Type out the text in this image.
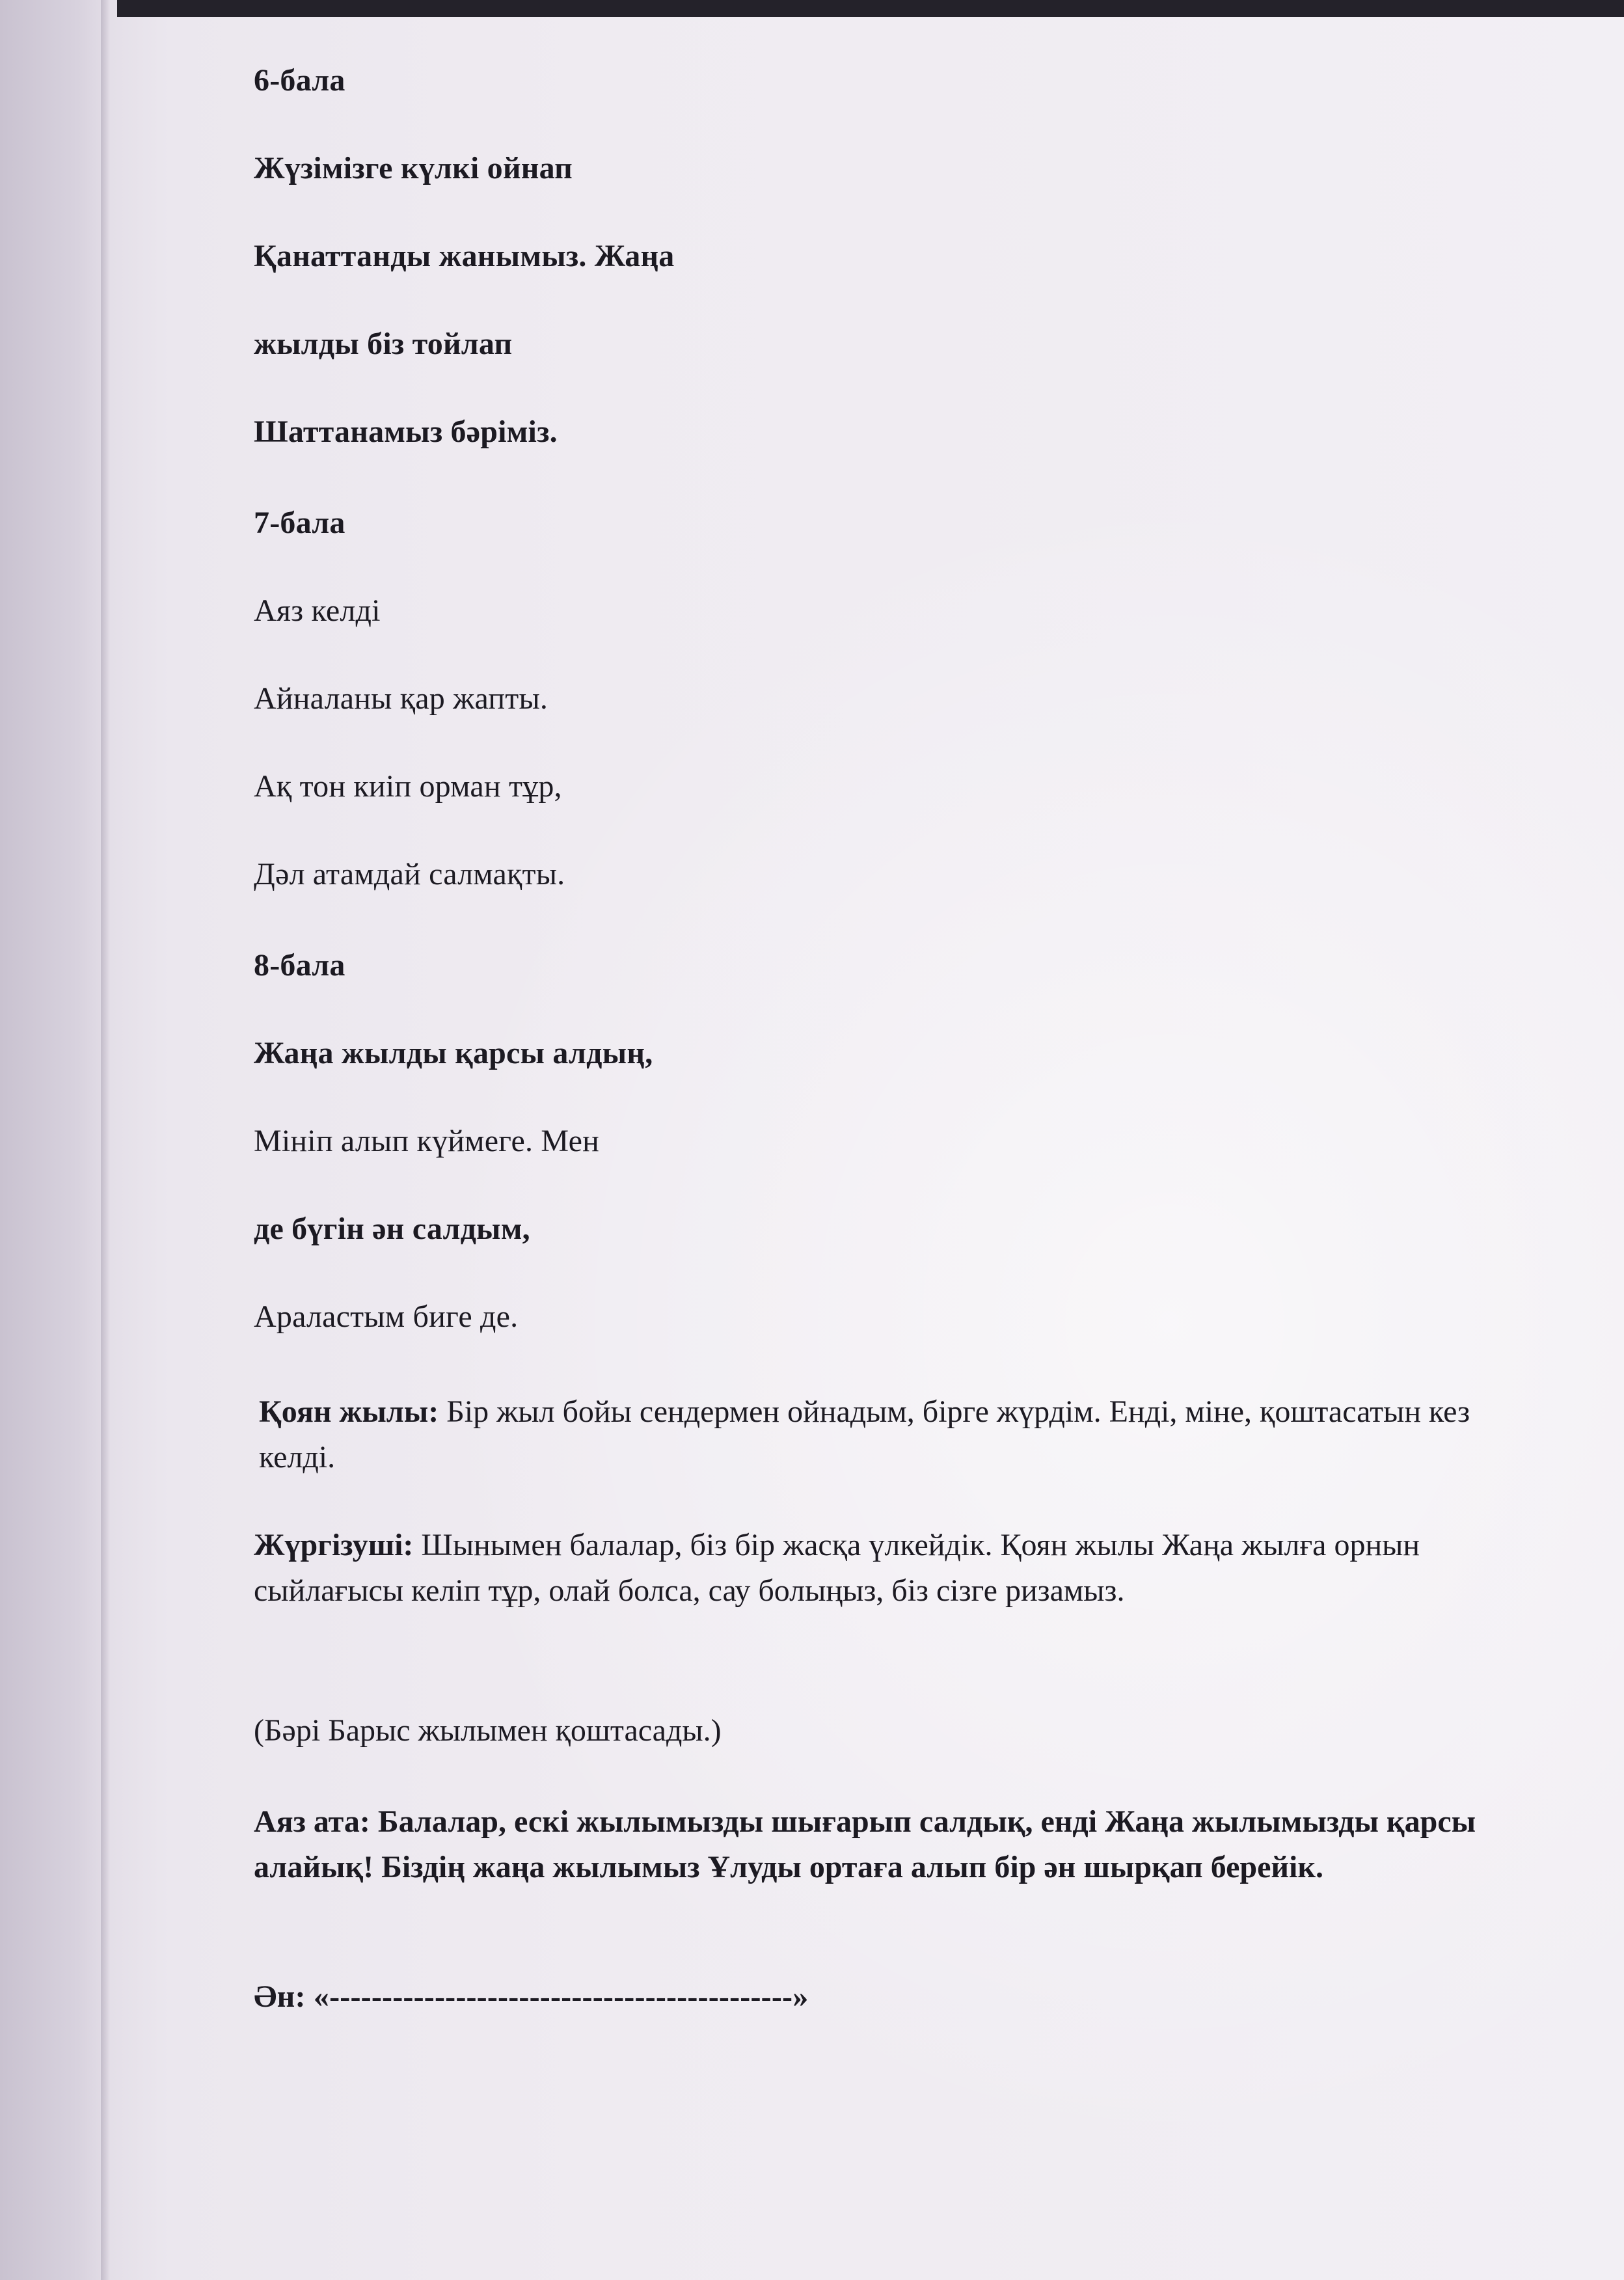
6-бала
Жүзімізге күлкі ойнап
Қанаттанды жанымыз. Жаңа
жылды біз тойлап
Шаттанамыз бәріміз.
7-бала
Аяз келді
Айналаны қар жапты.
Ақ тон киіп орман тұр,
Дәл атамдай салмақты.
8-бала
Жаңа жылды қарсы алдың,
Мініп алып күймеге. Мен
де бүгін ән салдым,
Араластым биге де.
Қоян жылы: Бір жыл бойы сендермен ойнадым, бірге жүрдім. Енді, міне, қоштасатын кез келді.
Жүргізуші: Шынымен балалар, біз бір жасқа үлкейдік. Қоян жылы Жаңа жылға орнын сыйлағысы келіп тұр, олай болса, сау болыңыз, біз сізге ризамыз.
(Бәрі Барыс жылымен қоштасады.)
Аяз ата: Балалар, ескі жылымызды шығарып салдық, енді Жаңа жылымызды қарсы алайық! Біздің жаңа жылымыз Ұлуды ортаға алып бір ән шырқап берейік.
Ән: «--------------------------------------------»
